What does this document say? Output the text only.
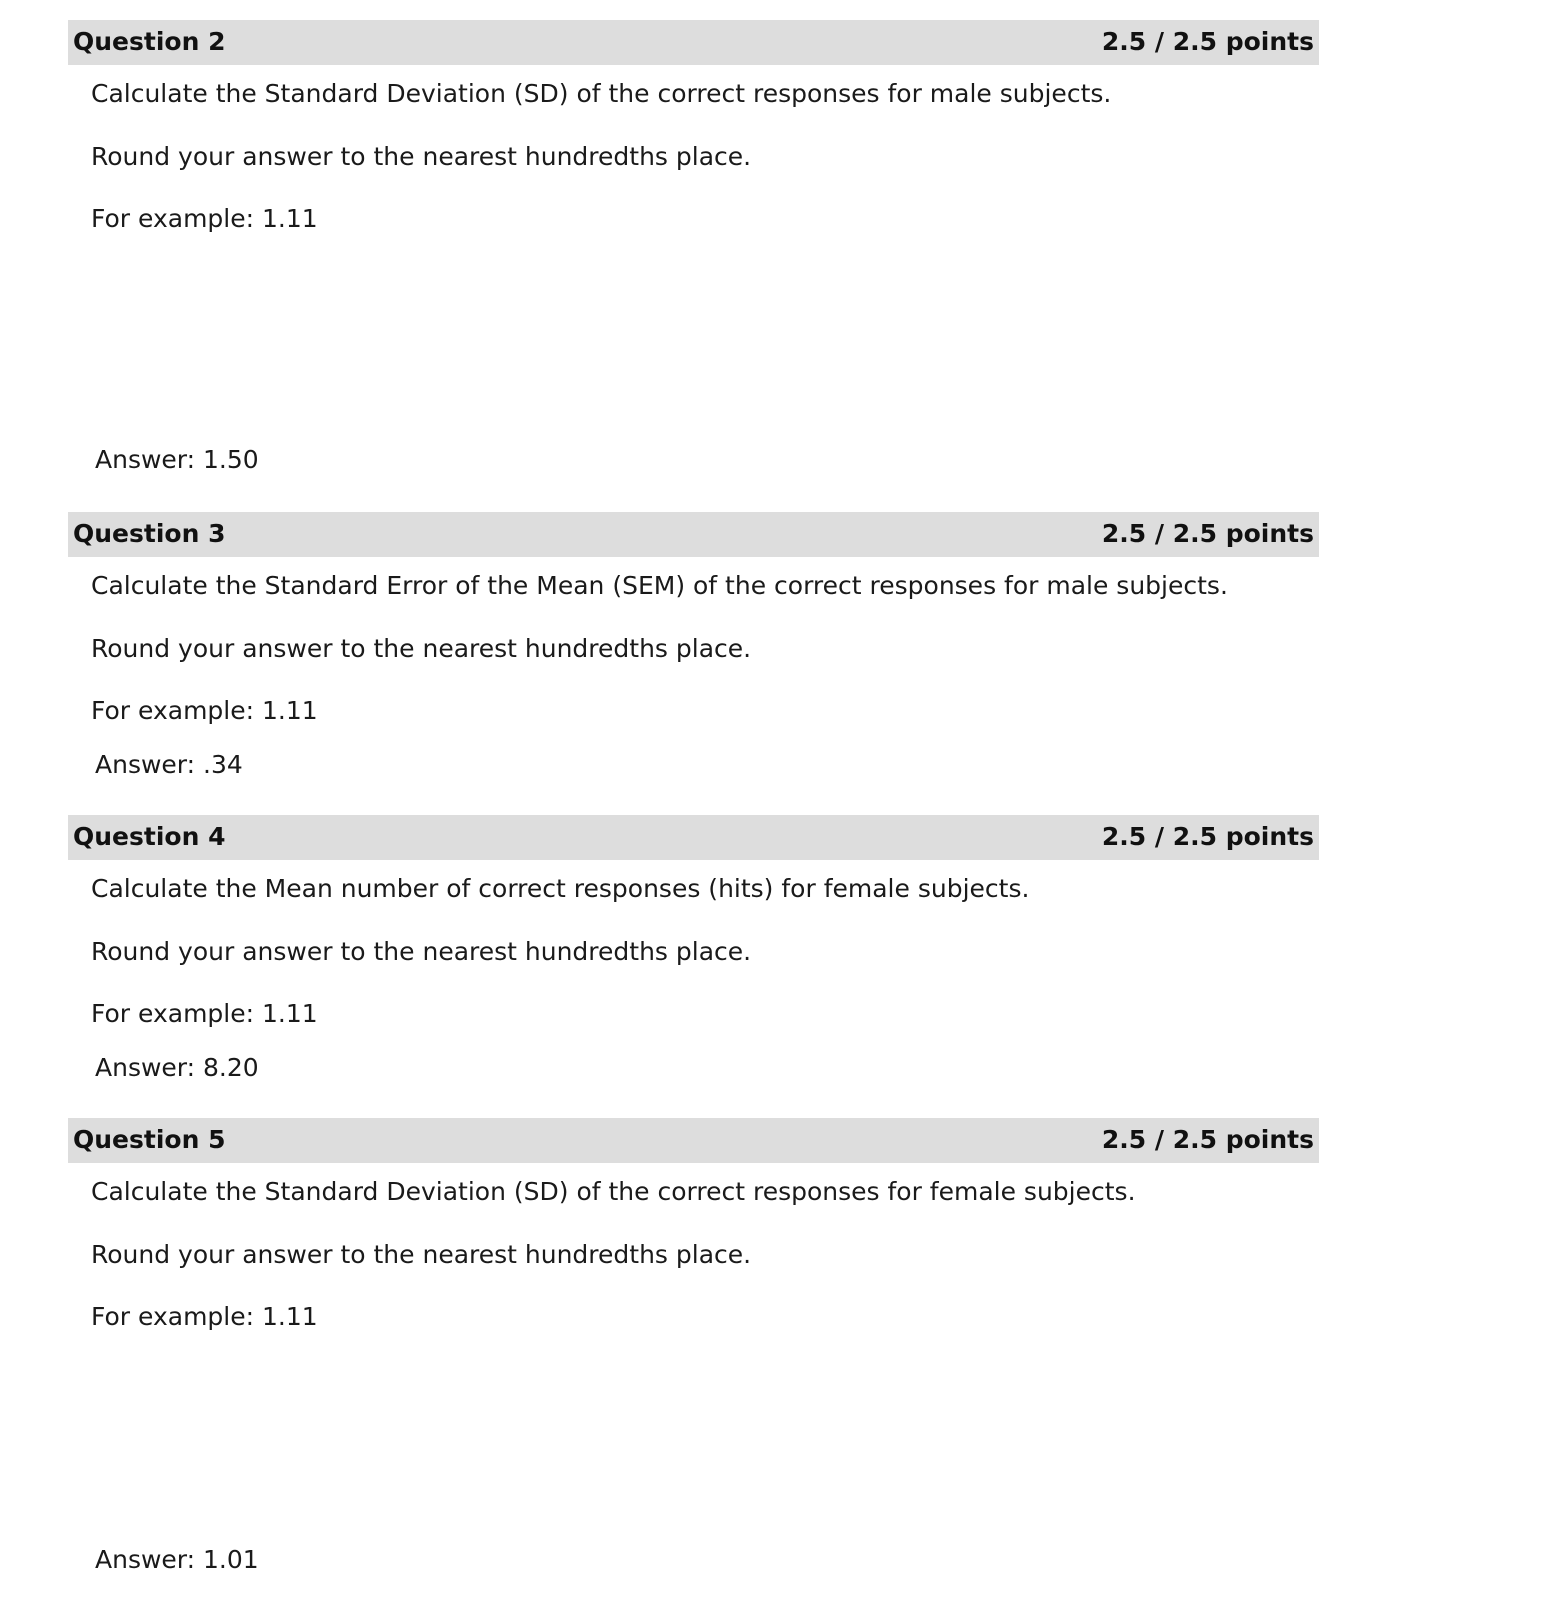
Question 2	2.5 / 2.5 points
Calculate the Standard Deviation (SD) of the correct responses for male subjects.
Round your answer to the nearest hundredths place.
For example: 1.11
Answer: 1.50
Question 3	2.5 / 2.5 points
Calculate the Standard Error of the Mean (SEM) of the correct responses for male subjects.
Round your answer to the nearest hundredths place.
For example: 1.11
Answer: .34
Question 4	2.5 / 2.5 points
Calculate the Mean number of correct responses (hits) for female subjects.
Round your answer to the nearest hundredths place.
For example: 1.11
Answer: 8.20
Question 5	2.5 / 2.5 points
Calculate the Standard Deviation (SD) of the correct responses for female subjects.
Round your answer to the nearest hundredths place.
For example: 1.11
Answer: 1.01
